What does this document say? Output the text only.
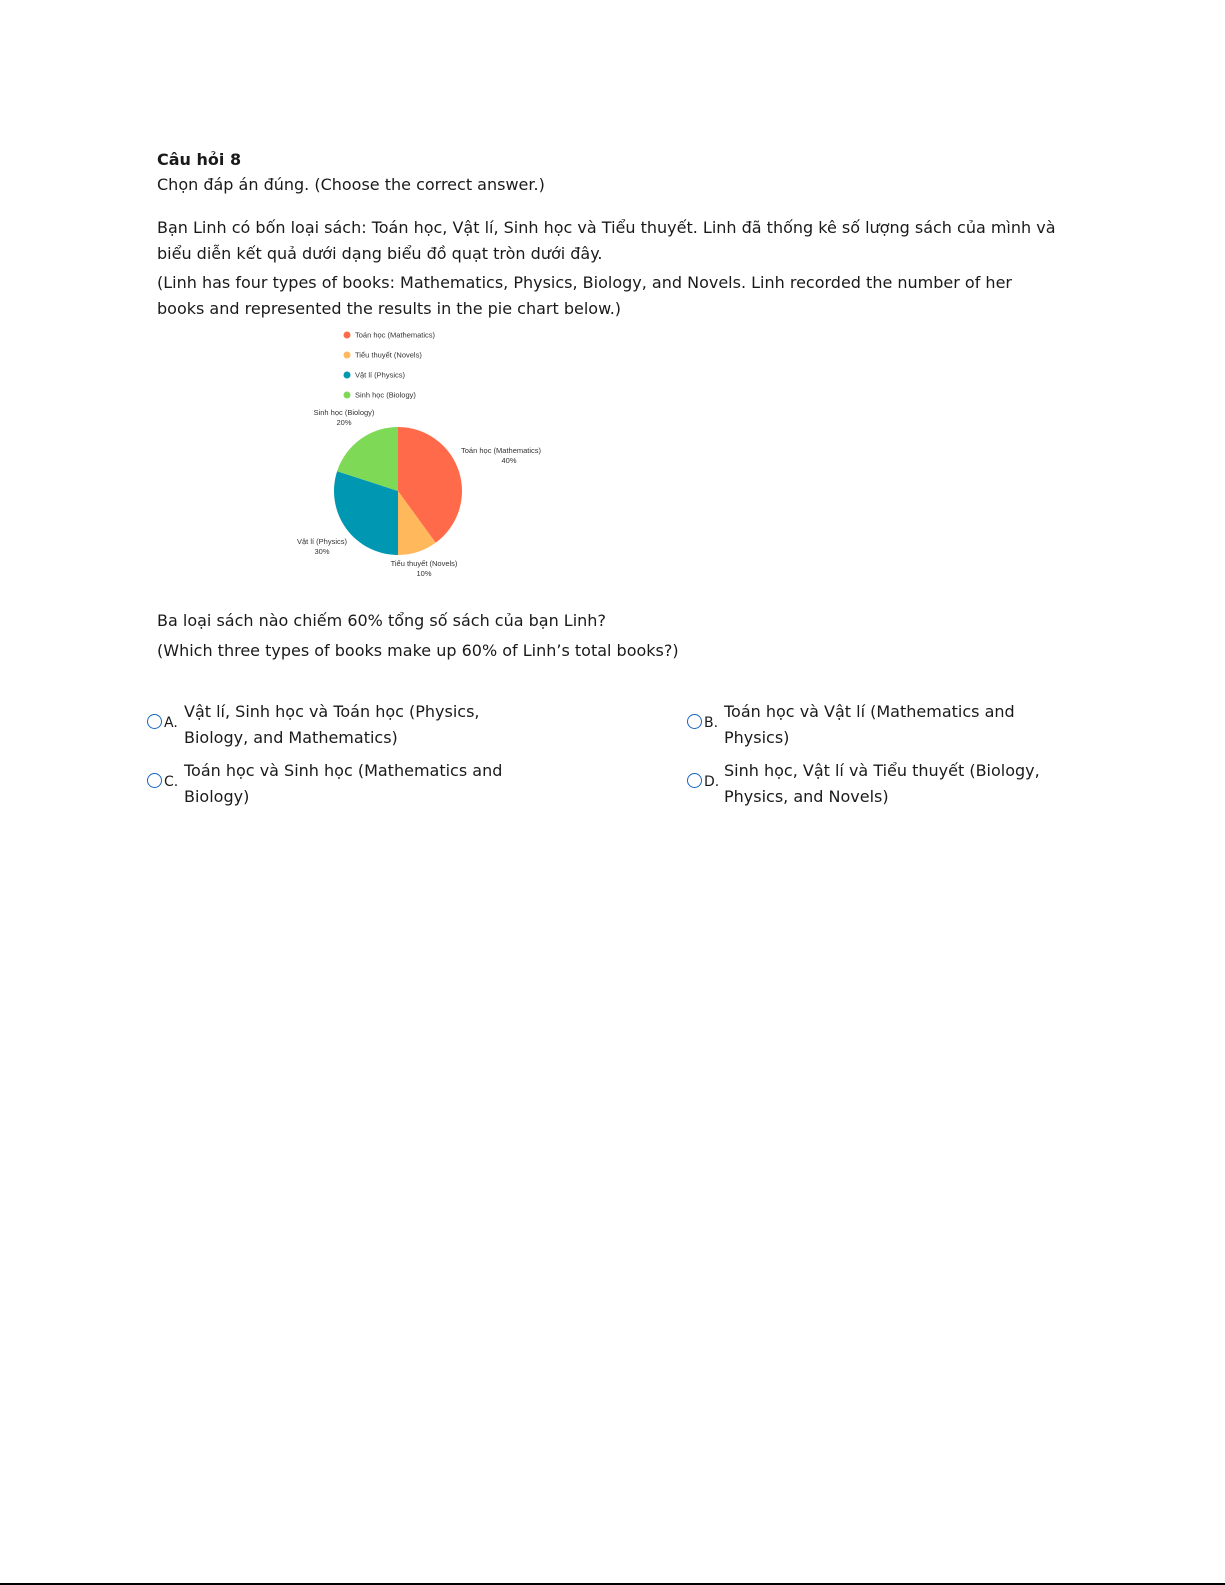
Câu hỏi 8
Chọn đáp án đúng. (Choose the correct answer.)
Bạn Linh có bốn loại sách: Toán học, Vật lí, Sinh học và Tiểu thuyết. Linh đã thống kê số lượng sách của mình và biểu diễn kết quả dưới dạng biểu đồ quạt tròn dưới đây.
(Linh has four types of books: Mathematics, Physics, Biology, and Novels. Linh recorded the number of her books and represented the results in the pie chart below.)
Toán học (Mathematics)
Tiểu thuyết (Novels)
Vật lí (Physics)
Sinh học (Biology)
Toán học (Mathematics)
40%
Tiểu thuyết (Novels)
10%
Vật lí (Physics)
30%
Sinh học (Biology)
20%
Ba loại sách nào chiếm 60% tổng số sách của bạn Linh?
(Which three types of books make up 60% of Linh’s total books?)
A.
Vật lí, Sinh học và Toán học (Physics, Biology, and Mathematics)
B.
Toán học và Vật lí (Mathematics and Physics)
C.
Toán học và Sinh học (Mathematics and Biology)
D.
Sinh học, Vật lí và Tiểu thuyết (Biology, Physics, and Novels)
